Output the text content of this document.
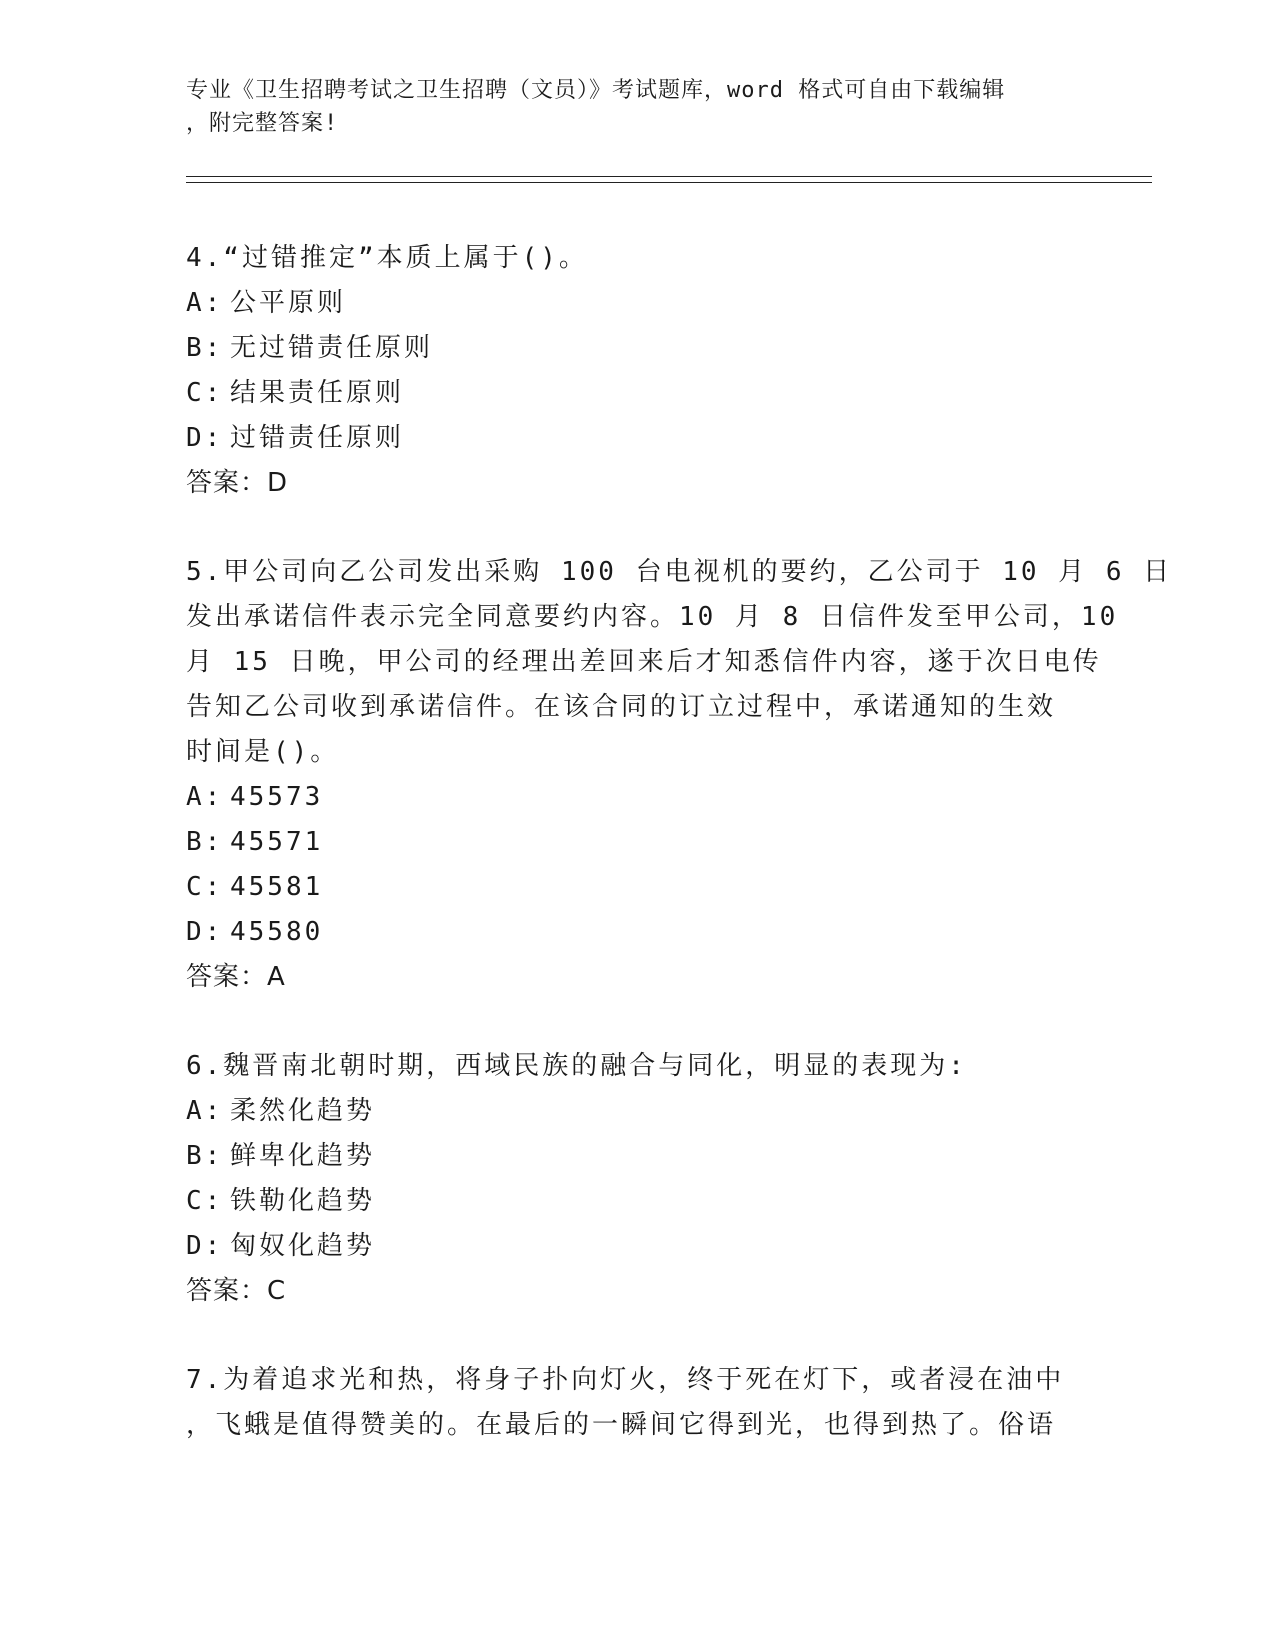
专业《卫生招聘考试之卫生招聘（文员）》考试题库，word 格式可自由下载编辑
，附完整答案!

4.“过错推定”本质上属于()。

A: 公平原则

B: 无过错责任原则

C: 结果责任原则

D: 过错责任原则

答案：D

5.甲公司向乙公司发出采购 100 台电视机的要约，乙公司于 10 月 6 日

发出承诺信件表示完全同意要约内容。10 月 8 日信件发至甲公司，10

月 15 日晚，甲公司的经理出差回来后才知悉信件内容，遂于次日电传

告知乙公司收到承诺信件。在该合同的订立过程中，承诺通知的生效

时间是()。

A: 45573

B: 45571

C: 45581

D: 45580

答案：A

6.魏晋南北朝时期，西域民族的融合与同化，明显的表现为:

A: 柔然化趋势

B: 鲜卑化趋势

C: 铁勒化趋势

D: 匈奴化趋势

答案：C

7.为着追求光和热，将身子扑向灯火，终于死在灯下，或者浸在油中

，飞蛾是值得赞美的。在最后的一瞬间它得到光，也得到热了。俗语
